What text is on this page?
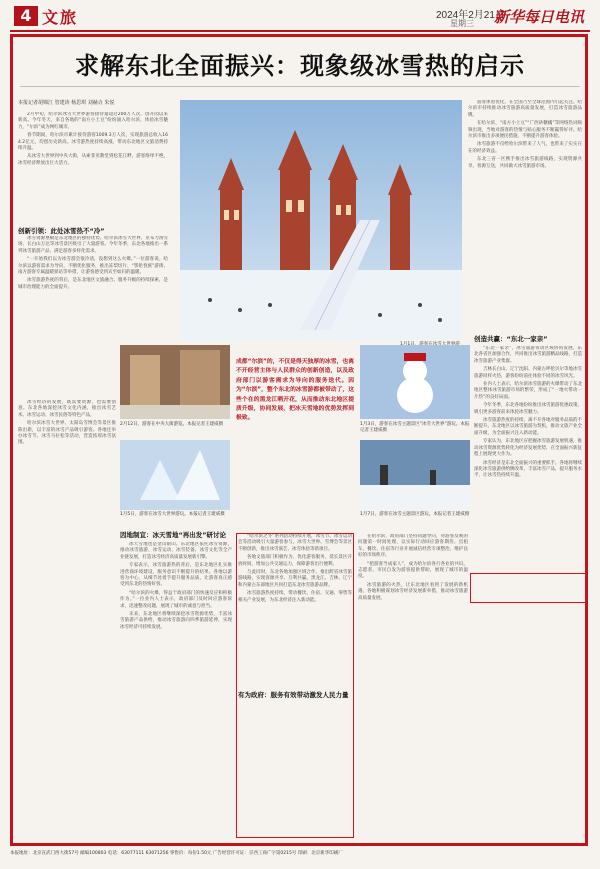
4 文旅	2024年2月21日
星期三 新华每日电讯
求解东北全面振兴：现象级冰雪热的启示
本报记者胡锦江 管建涛 杨思琪 刘赫垚 朱悦

2月中旬，哈尔滨冰雪大世界游客接待量超过200万人次，创开园以来新高。今年冬天，来自各地的“南方小土豆”纷纷涌入哈尔滨，体验冰雪魅力，“尔滨”成为网红城市。

春节期间，哈尔滨市累计接待游客1009.3万人次，实现旅游总收入164.2亿元，均创历史新高。冰雪游热度持续高涨，带动东北地区文旅消费持续升温。

从冰雪大世界到中央大街，从索菲亚教堂到松花江畔，游客络绎不绝，冰雪经济释放出巨大活力。

创新引领：此处冰雪热不“冷”

冰雪资源禀赋是东北地区的独特优势。哈尔滨冰雪大世界、亚布力滑雪场、长白山万达等冰雪景区吸引了大量游客。今年冬季，东北各地推出一系列冰雪旅游产品，满足游客多样化需求。

“一开始我们以为冰雪游会很冷清，没想到这么火爆。”一位游客说。哈尔滨以游客需求为导向，不断优化服务，推出冻梨切片、“鄂伦春族”游街、南方游客专属温暖驿站等举措，让游客感受到宾至如归的温暖。

冰雪旅游热度的背后，是东北地区文旅融合、服务升级的持续探索，是城市治理能力的全面提升。

游客体验优化，在全国乃至全球范围内引起关注。哈尔滨市持续推动冰雪旅游高质量发展，打造冰雪旅游品牌。

在哈尔滨，“南方小土豆”“广西砂糖橘”等网络热词频频出现，当地对游客的热情与贴心服务不断赢得好评。哈尔滨市推出多项便民措施，不断提升游客体验。

冰雪旅游不仅给哈尔滨带来了人气，也带来了实实在在的经济效益。

东北三省一区携手推出冰雪旅游线路，实现资源共享、客源互送，共同做大冰雪旅游市场。

2月12日，游客在中央大街游览。本报记者王建威摄
成都“尔滨”的，不仅是得天独厚的冰雪，也离不开经营主体与人民群众的创新创造，以及政府部门以游客需求为导向的服务迭代。因为“尔滨”，整个东北的冰雪游都被带动了，这些个在的黑龙江晒开花，从而推动东北地区提质升级，协同发展，把冰天雪地的优势发挥到极致。
1月3日，游客在冰雪主题景区“冰雪大世界”游玩。本报记者王建威摄

冰雪经济的发展，既需要资源，也需要创意。东北各地深挖冰雪文化内涵，推出冰雪艺术、冰雪运动、冰雪民俗等特色产品。

哈尔滨冰雪大世界、太阳岛雪博会等景区推陈出新，以丰富的冰雪产品吸引游客。各地还举办冰雪节、冰雪马拉松等活动，营造浓厚冰雪氛围。

1月5日，游客在冰雪大世界游玩。本报记者王建威摄	1月7日，游客在冰雪主题景区游玩。本报记者王建威摄
因地制宜：冰天雪地“再出发”研讨论

冰天雪地也是金山银山。东北地区依托冰雪资源，推动冰雪旅游、冰雪运动、冰雪装备、冰雪文化等全产业链发展，打造冰雪经济高质量发展新引擎。

专家表示，冰雪旅游热的背后，是东北地区扎实推进营商环境建设、服务意识不断提升的结果。各地以游客为中心，从细节处着手提升服务品质，让游客真正感受到东北的热情好客。

“哈尔滨的火爆，得益于政府部门的快速反应和积极作为。”一位业内人士表示，政府部门及时回应游客诉求，迅速整改问题，展现了城市的诚意与担当。

未来，东北地区将继续深挖冰雪资源优势，丰富冰雪旅游产品供给，推动冰雪旅游向四季旅游延伸，实现冰雪经济可持续发展。

“哈尔滨之冬”系列活动持续开展，冰雪节、冰雪运动会等活动吸引大量游客参与。冰雪大世界、雪博会等景区不断创新，推出冰雪演艺、冰雪体验等新项目。

各地文旅部门积极作为，优化游客服务，延长景区开放时间，增加公共交通运力，保障游客出行便利。

与此同时，东北各地加强区域合作，推出跨省冰雪旅游线路，实现客源共享、互利共赢。黑龙江、吉林、辽宁和内蒙古东部地区共同打造东北冰雪旅游品牌。

冰雪旅游热度持续，带动餐饮、住宿、交通、零售等相关产业发展，为东北经济注入新动能。

有为政府：服务有效带动激发人民力量

在哈尔滨，政府部门坚持问题导向，对游客反映的问题第一时间处理，以实际行动回应游客期待。出租车、餐饮、住宿等行业开展诚信经营专项整治，维护良好的市场秩序。

“把游客当成家人”，成为哈尔滨各行各业的共识。志愿者、市民自发为游客提供帮助，展现了城市的温度。

冰雪旅游的火热，让东北地区看到了发展的新机遇。各地积极谋划冰雪经济发展新举措，推动冰雪旅游高质量发展。

创造共赢：“东北一家亲”

“东北一家亲”，冰雪旅游带动区域协同发展。东北各省区加强合作，共同推出冰雪旅游精品线路，打造冰雪旅游产业集群。

吉林长白山、辽宁沈阳、内蒙古呼伦贝尔等地冰雪旅游同样火热，游客纷纷前往体验不同的冰雪风光。

业内人士表示，哈尔滨冰雪旅游的火爆带动了东北地区整体冰雪旅游市场的繁荣，形成了“一地火带动一片热”的良好局面。

今年冬季，东北各地纷纷推出冰雪旅游优惠政策，吸引更多游客前来体验冰雪魅力。

冰雪旅游热度的持续，离不开各地对服务品质的不断提升。东北地区以冰雪旅游为契机，推动文旅产业全面升级，为全面振兴注入新动能。

专家认为，东北地区应把握冰雪旅游发展机遇，推动冰雪资源优势转化为经济发展优势，在全面振兴新征程上展现更大作为。

冰雪经济是东北全面振兴的重要抓手。各地将继续深化冰雪旅游供给侧改革，丰富冰雪产品，提升服务水平，让冰雪热持续升温。

本报地址：北京宣武门西大街57号 邮编100803 电话：63077111 63071256 零售价：每份1.50元 广告经营许可证：京西工商广字第0215号 印刷：北京新华印刷厂
